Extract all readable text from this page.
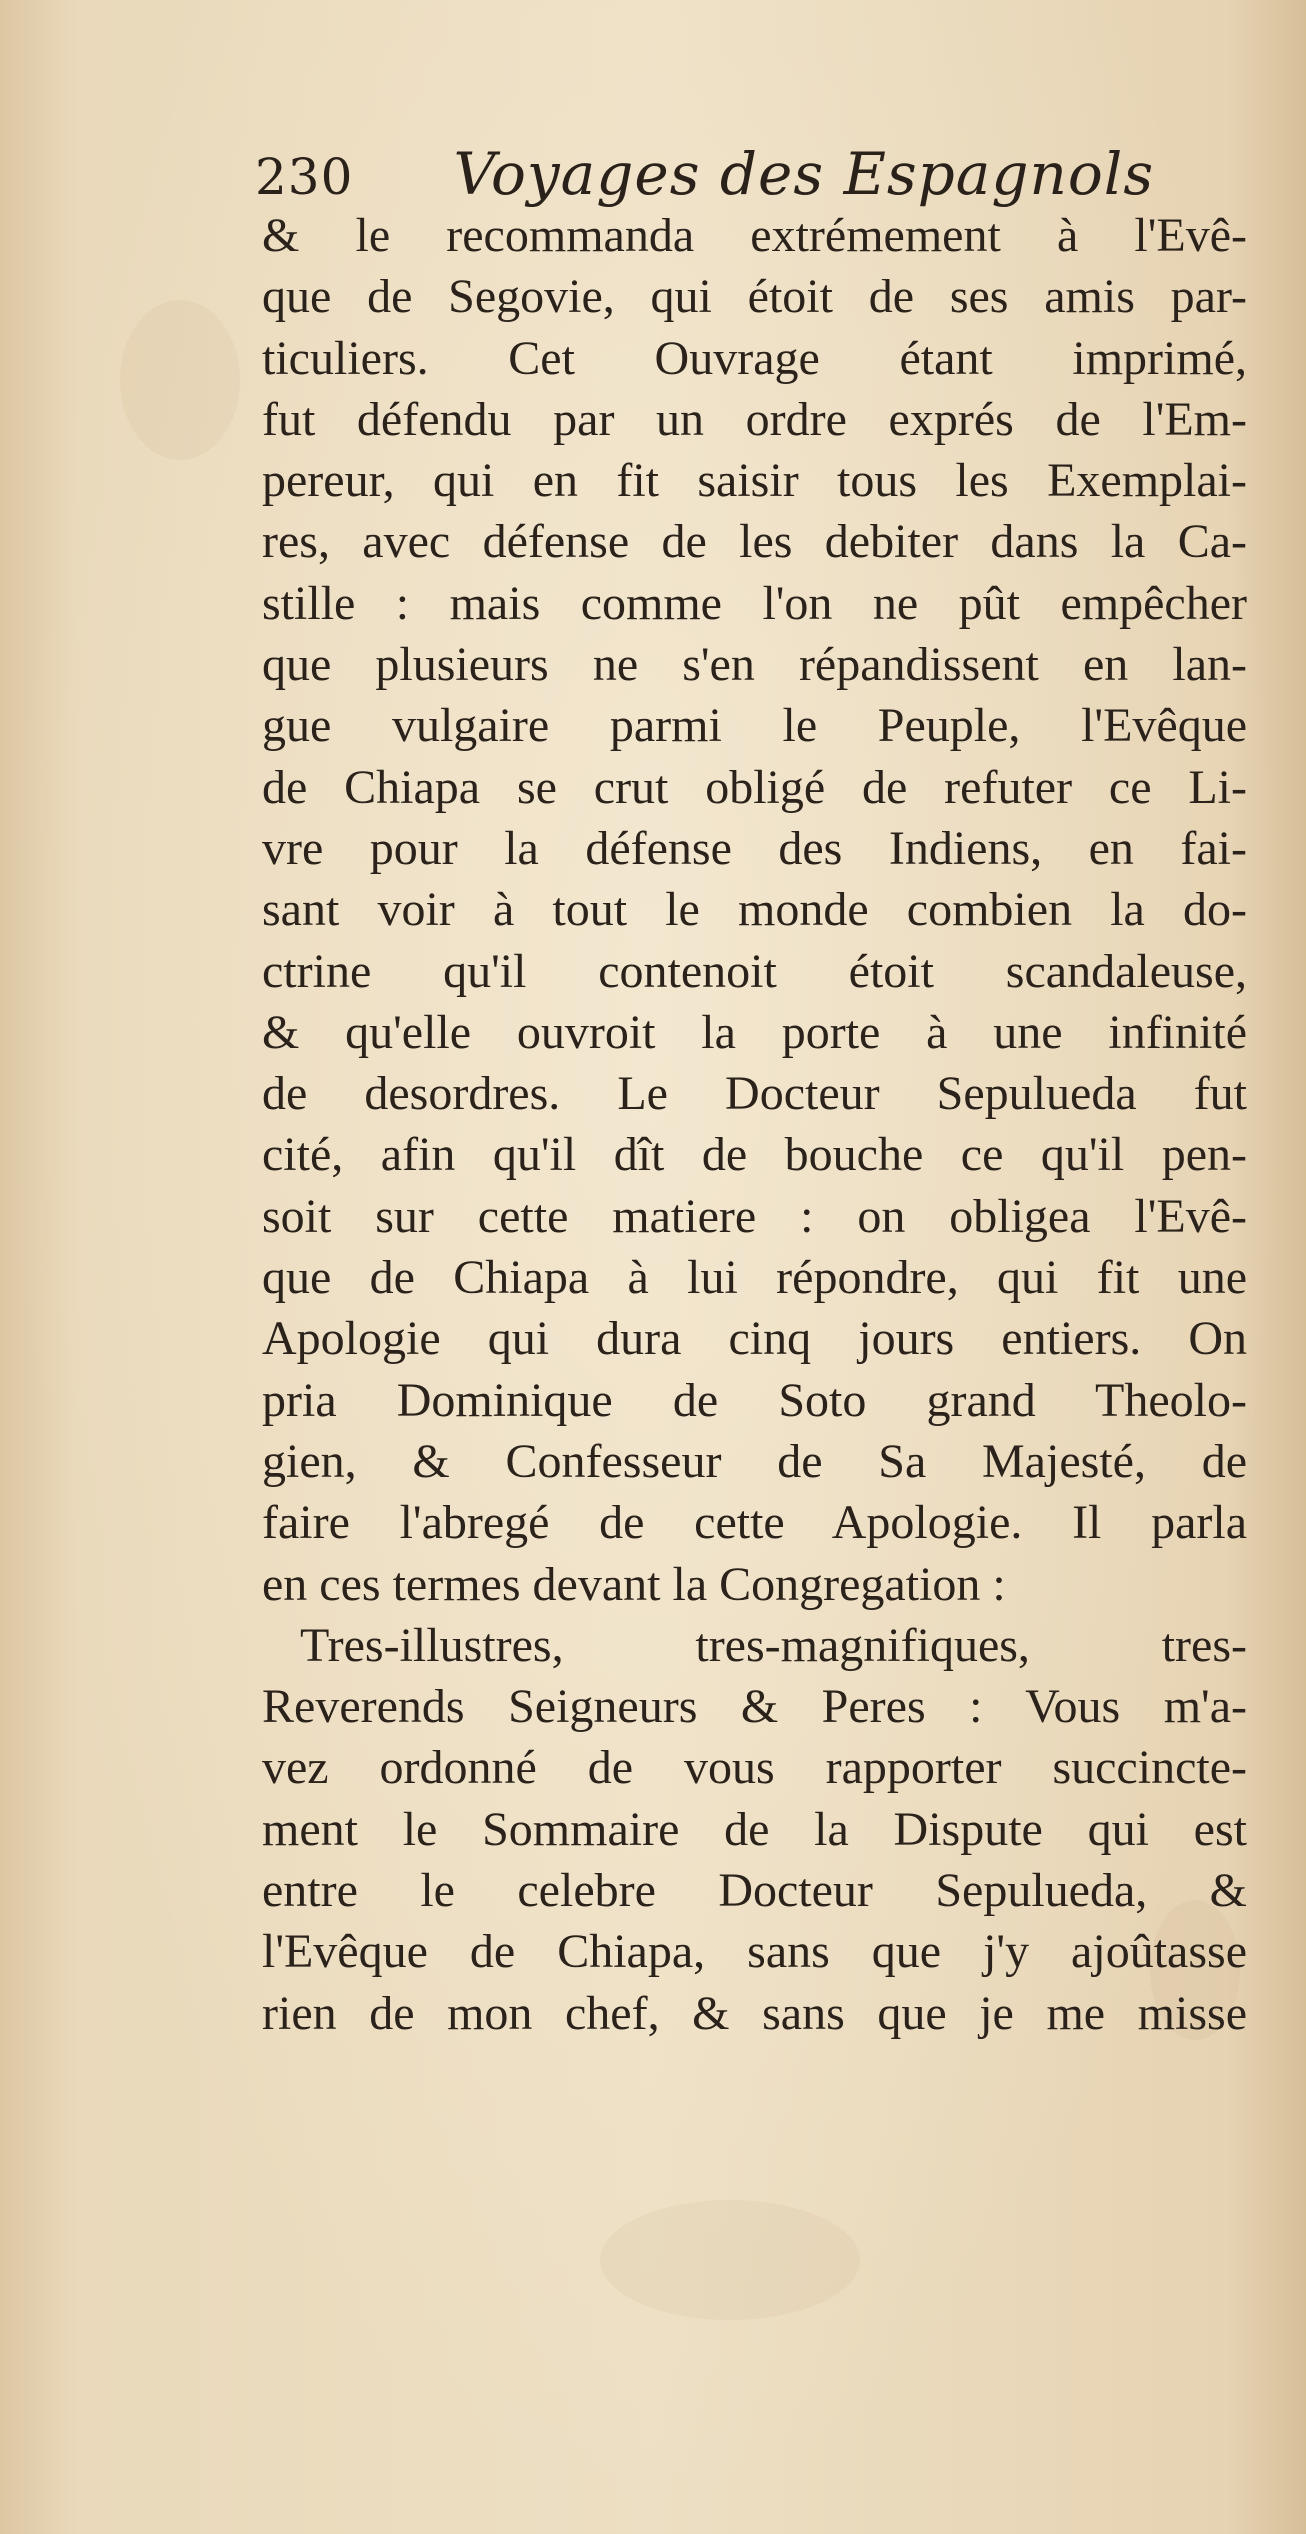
230 Voyages des Espagnols
& le recommanda extrémement à l'Evê-
que de Segovie, qui étoit de ses amis par-
ticuliers. Cet Ouvrage étant imprimé,
fut défendu par un ordre exprés de l'Em-
pereur, qui en fit saisir tous les Exemplai-
res, avec défense de les debiter dans la Ca-
stille : mais comme l'on ne pût empêcher
que plusieurs ne s'en répandissent en lan-
gue vulgaire parmi le Peuple, l'Evêque
de Chiapa se crut obligé de refuter ce Li-
vre pour la défense des Indiens, en fai-
sant voir à tout le monde combien la do-
ctrine qu'il contenoit étoit scandaleuse,
& qu'elle ouvroit la porte à une infinité
de desordres. Le Docteur Sepulueda fut
cité, afin qu'il dît de bouche ce qu'il pen-
soit sur cette matiere : on obligea l'Evê-
que de Chiapa à lui répondre, qui fit une
Apologie qui dura cinq jours entiers. On
pria Dominique de Soto grand Theolo-
gien, & Confesseur de Sa Majesté, de
faire l'abregé de cette Apologie. Il parla
en ces termes devant la Congregation :
Tres-illustres, tres-magnifiques, tres-
Reverends Seigneurs & Peres : Vous m'a-
vez ordonné de vous rapporter succincte-
ment le Sommaire de la Dispute qui est
entre le celebre Docteur Sepulueda, &
l'Evêque de Chiapa, sans que j'y ajoûtasse
rien de mon chef, & sans que je me misse
